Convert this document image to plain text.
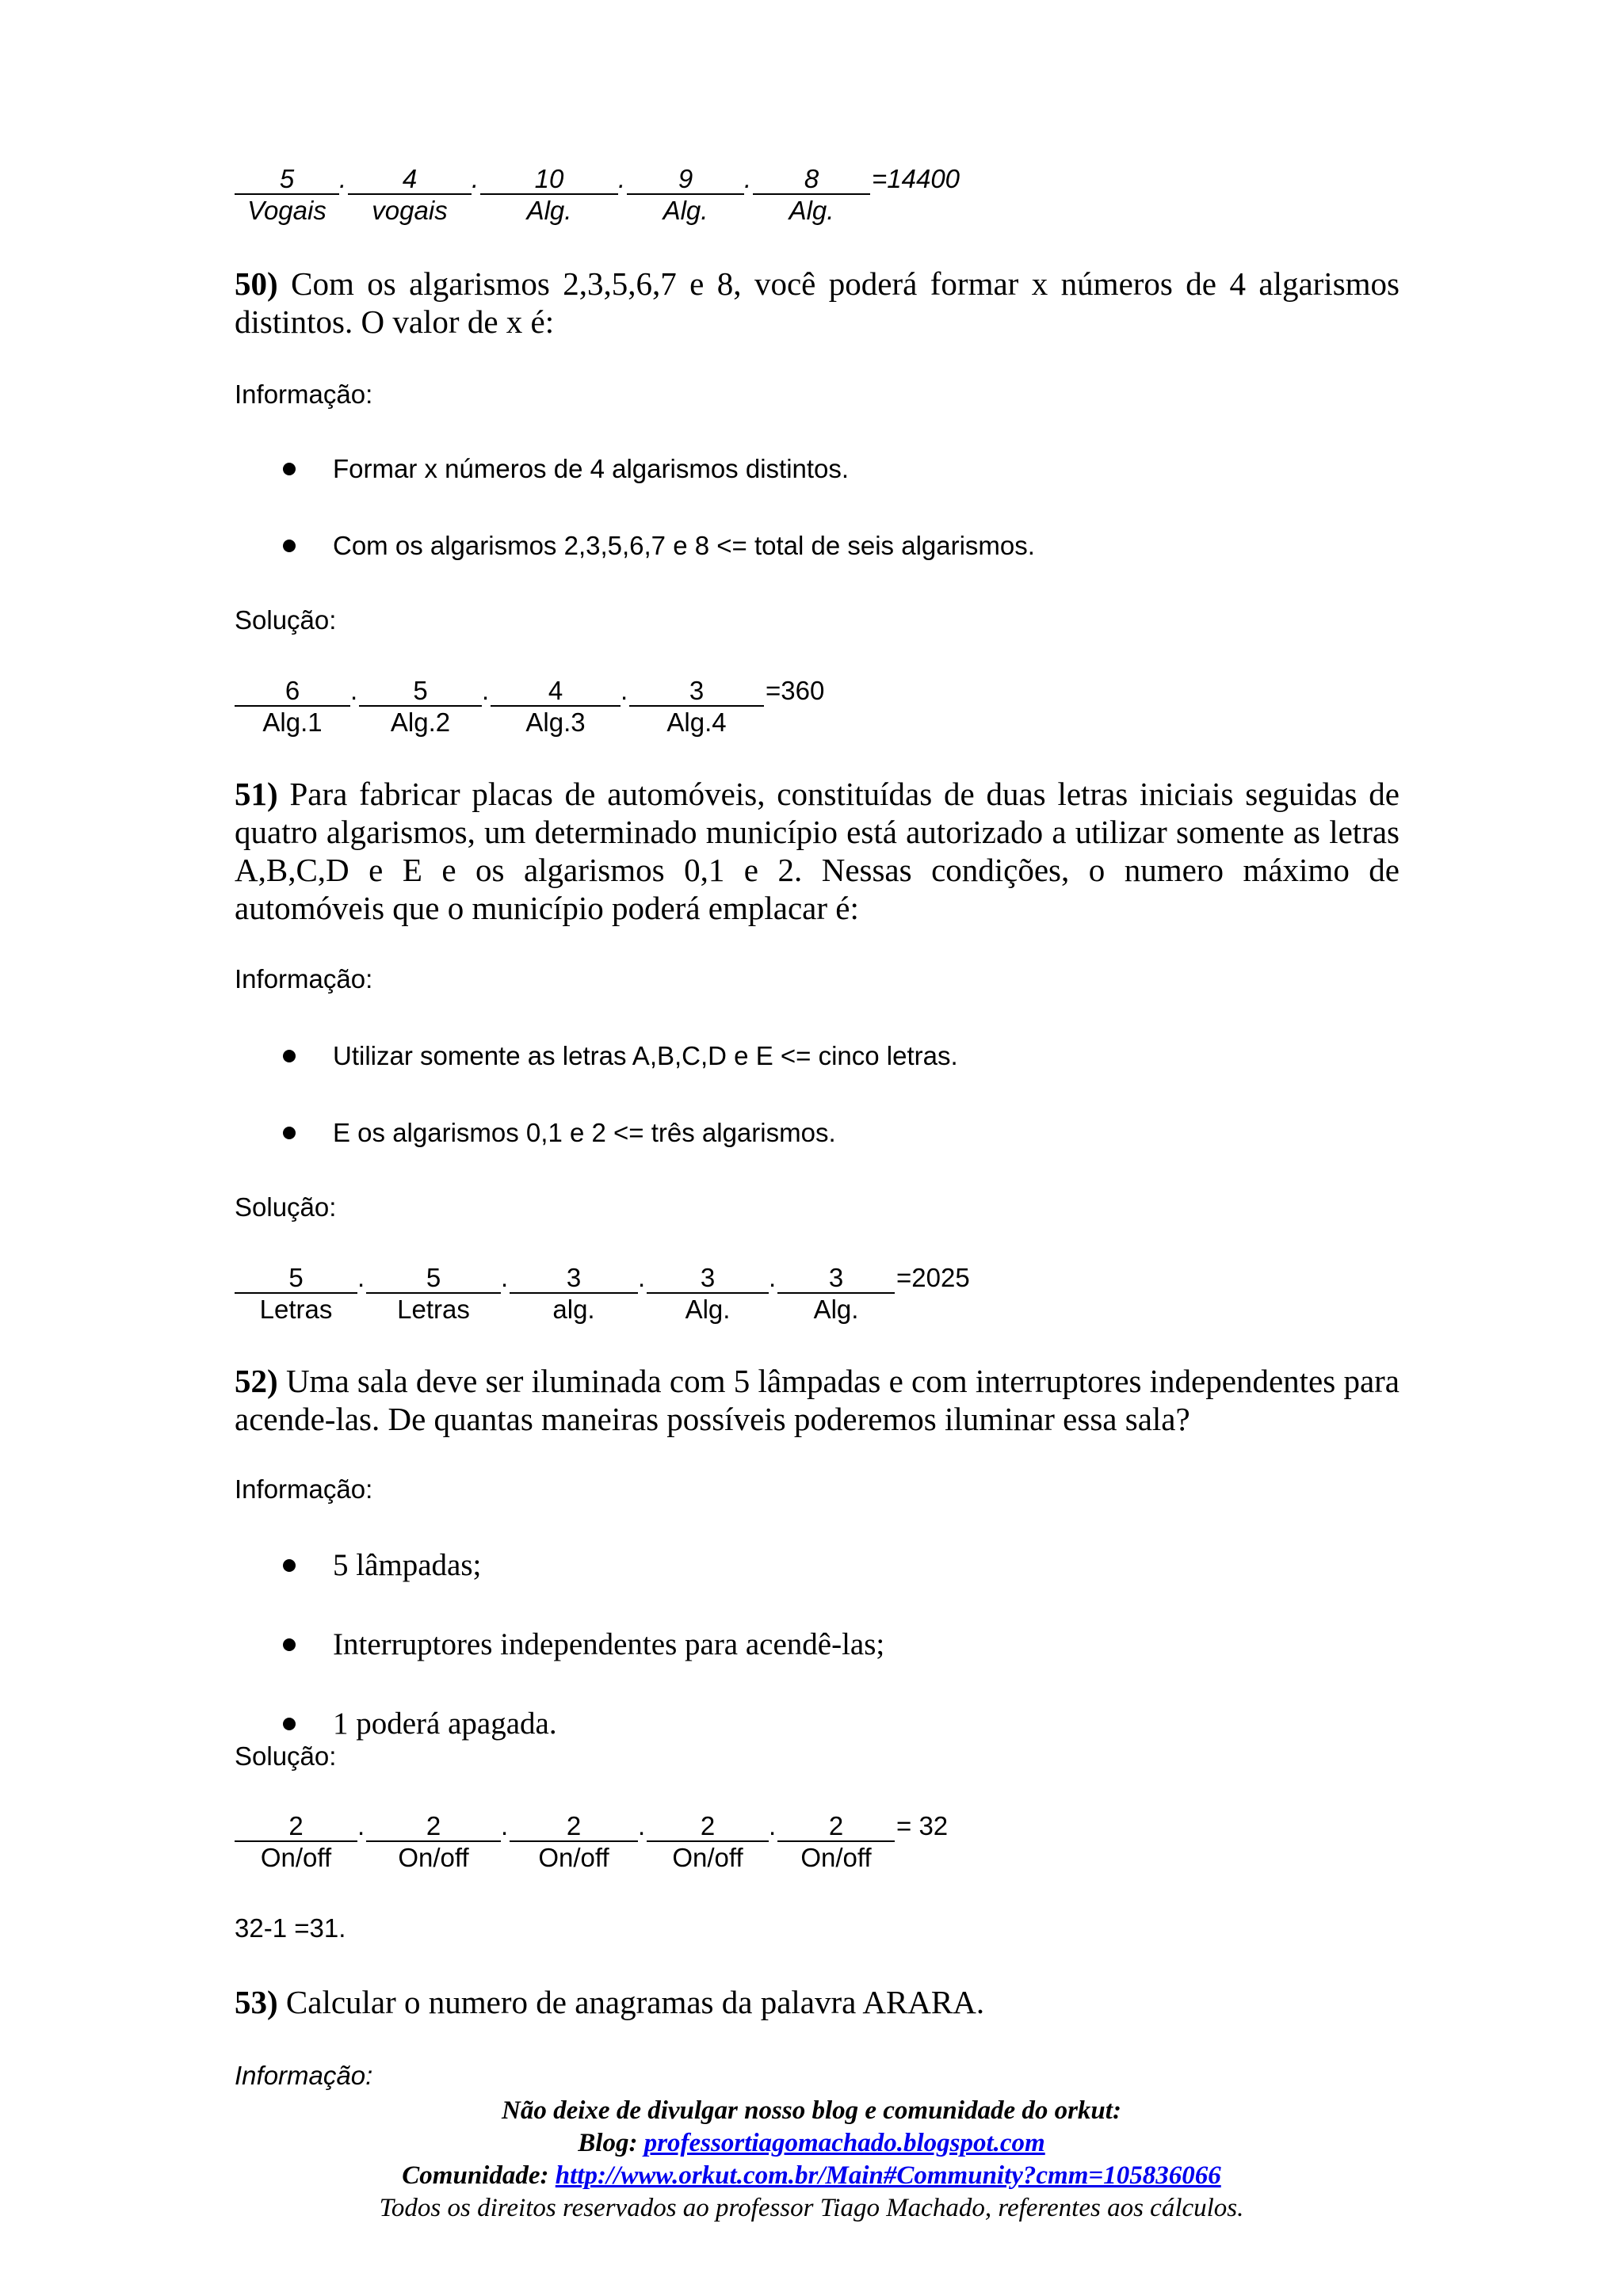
5	.	4	.	10	.	9	.	8	=14400
Vogais	vogais	Alg.	Alg.	Alg.
50) Com os algarismos 2,3,5,6,7 e 8, você poderá formar x números de 4 algarismos distintos. O valor de x é:
Informação:
Formar x números de 4 algarismos distintos.
Com os algarismos 2,3,5,6,7 e 8 <= total de seis algarismos.
Solução:
6	.	5	.	4	.	3	=360
Alg.1	Alg.2	Alg.3	Alg.4
51) Para fabricar placas de automóveis, constituídas de duas letras iniciais seguidas de quatro algarismos, um determinado município está autorizado a utilizar somente as letras A,B,C,D e E e os algarismos 0,1 e 2. Nessas condições, o numero máximo de automóveis que o município poderá emplacar é:
Informação:
Utilizar somente as letras A,B,C,D e E <= cinco letras.
E os algarismos 0,1 e 2 <= três algarismos.
Solução:
5	.	5	.	3	.	3	.	3	=2025
Letras	Letras	alg.	Alg.	Alg.
52) Uma sala deve ser iluminada com 5 lâmpadas e com interruptores independentes para acende-las. De quantas maneiras possíveis poderemos iluminar essa sala?
Informação:
5 lâmpadas;
Interruptores independentes para acendê-las;
1 poderá apagada.
Solução:
2	.	2	.	2	.	2	.	2	= 32
On/off	On/off	On/off	On/off	On/off
32-1 =31.
53) Calcular o numero de anagramas da palavra ARARA.
Informação:
Não deixe de divulgar nosso blog e comunidade do orkut:
Blog: professortiagomachado.blogspot.com
Comunidade: http://www.orkut.com.br/Main#Community?cmm=105836066
Todos os direitos reservados ao professor Tiago Machado, referentes aos cálculos.
